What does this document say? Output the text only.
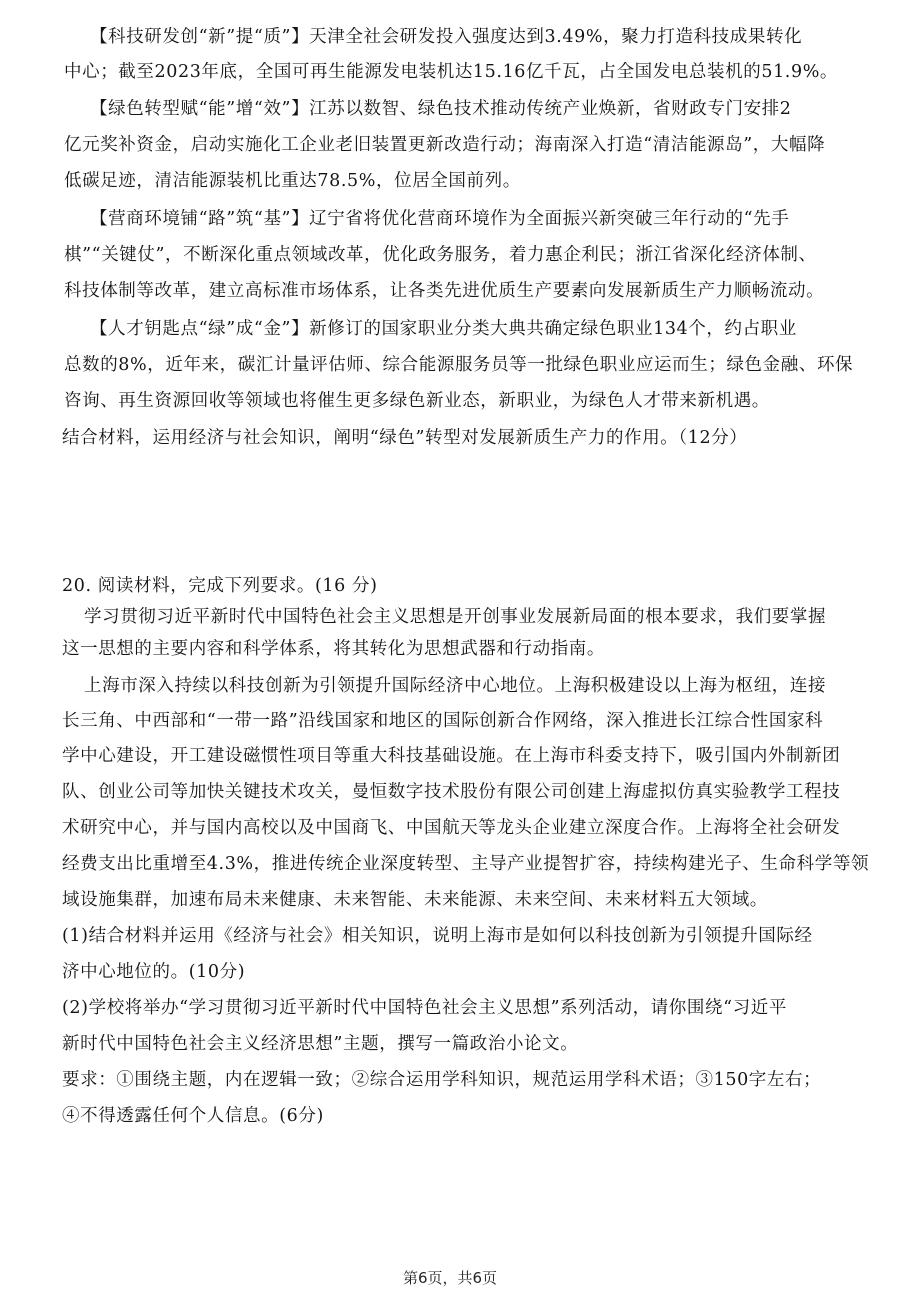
【科技研发创“新”提“质”】天津全社会研发投入强度达到3.49%，聚力打造科技成果转化
中心；截至2023年底，全国可再生能源发电装机达15.16亿千瓦，占全国发电总装机的51.9%。
【绿色转型赋“能”增“效”】江苏以数智、绿色技术推动传统产业焕新，省财政专门安排2
亿元奖补资金，启动实施化工企业老旧装置更新改造行动；海南深入打造“清洁能源岛”，大幅降
低碳足迹，清洁能源装机比重达78.5%，位居全国前列。
【营商环境铺“路”筑“基”】辽宁省将优化营商环境作为全面振兴新突破三年行动的“先手
棋”“关键仗”，不断深化重点领域改革，优化政务服务，着力惠企利民；浙江省深化经济体制、
科技体制等改革，建立高标准市场体系，让各类先进优质生产要素向发展新质生产力顺畅流动。
【人才钥匙点“绿”成“金”】新修订的国家职业分类大典共确定绿色职业134个，约占职业
总数的8%，近年来，碳汇计量评估师、综合能源服务员等一批绿色职业应运而生；绿色金融、环保
咨询、再生资源回收等领域也将催生更多绿色新业态，新职业，为绿色人才带来新机遇。
结合材料，运用经济与社会知识，阐明“绿色”转型对发展新质生产力的作用。（12分）
20. 阅读材料，完成下列要求。(16 分)
学习贯彻习近平新时代中国特色社会主义思想是开创事业发展新局面的根本要求，我们要掌握
这一思想的主要内容和科学体系，将其转化为思想武器和行动指南。
上海市深入持续以科技创新为引领提升国际经济中心地位。上海积极建设以上海为枢纽，连接
长三角、中西部和“一带一路”沿线国家和地区的国际创新合作网络，深入推进长江综合性国家科
学中心建设，开工建设磁惯性项目等重大科技基础设施。在上海市科委支持下，吸引国内外制新团
队、创业公司等加快关键技术攻关，曼恒数字技术股份有限公司创建上海虚拟仿真实验教学工程技
术研究中心，并与国内高校以及中国商飞、中国航天等龙头企业建立深度合作。上海将全社会研发
经费支出比重增至4.3%，推进传统企业深度转型、主导产业提智扩容，持续构建光子、生命科学等领
域设施集群，加速布局未来健康、未来智能、未来能源、未来空间、未来材料五大领域。
(1)结合材料并运用《经济与社会》相关知识，说明上海市是如何以科技创新为引领提升国际经
济中心地位的。(10分)
(2)学校将举办“学习贯彻习近平新时代中国特色社会主义思想”系列活动，请你围绕“习近平
新时代中国特色社会主义经济思想”主题，撰写一篇政治小论文。
要求：①围绕主题，内在逻辑一致；②综合运用学科知识，规范运用学科术语；③150字左右；
④不得透露任何个人信息。(6分)
第6页，共6页
